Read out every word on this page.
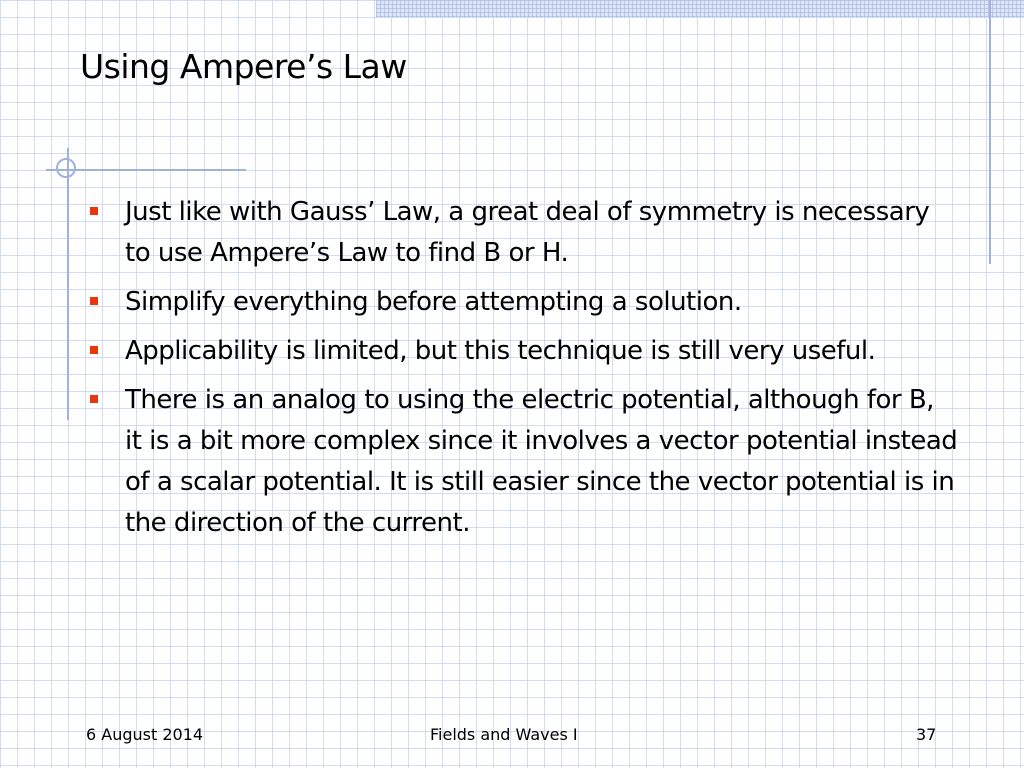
Using Ampere’s Law
Just like with Gauss’ Law, a great deal of symmetry is necessary to use Ampere’s Law to find B or H.
Simplify everything before attempting a solution.
Applicability is limited, but this technique is still very useful.
There is an analog to using the electric potential, although for B, it is a bit more complex since it involves a vector potential instead of a scalar potential. It is still easier since the vector potential is in the direction of the current.
6 August 2014	Fields and Waves I	37
